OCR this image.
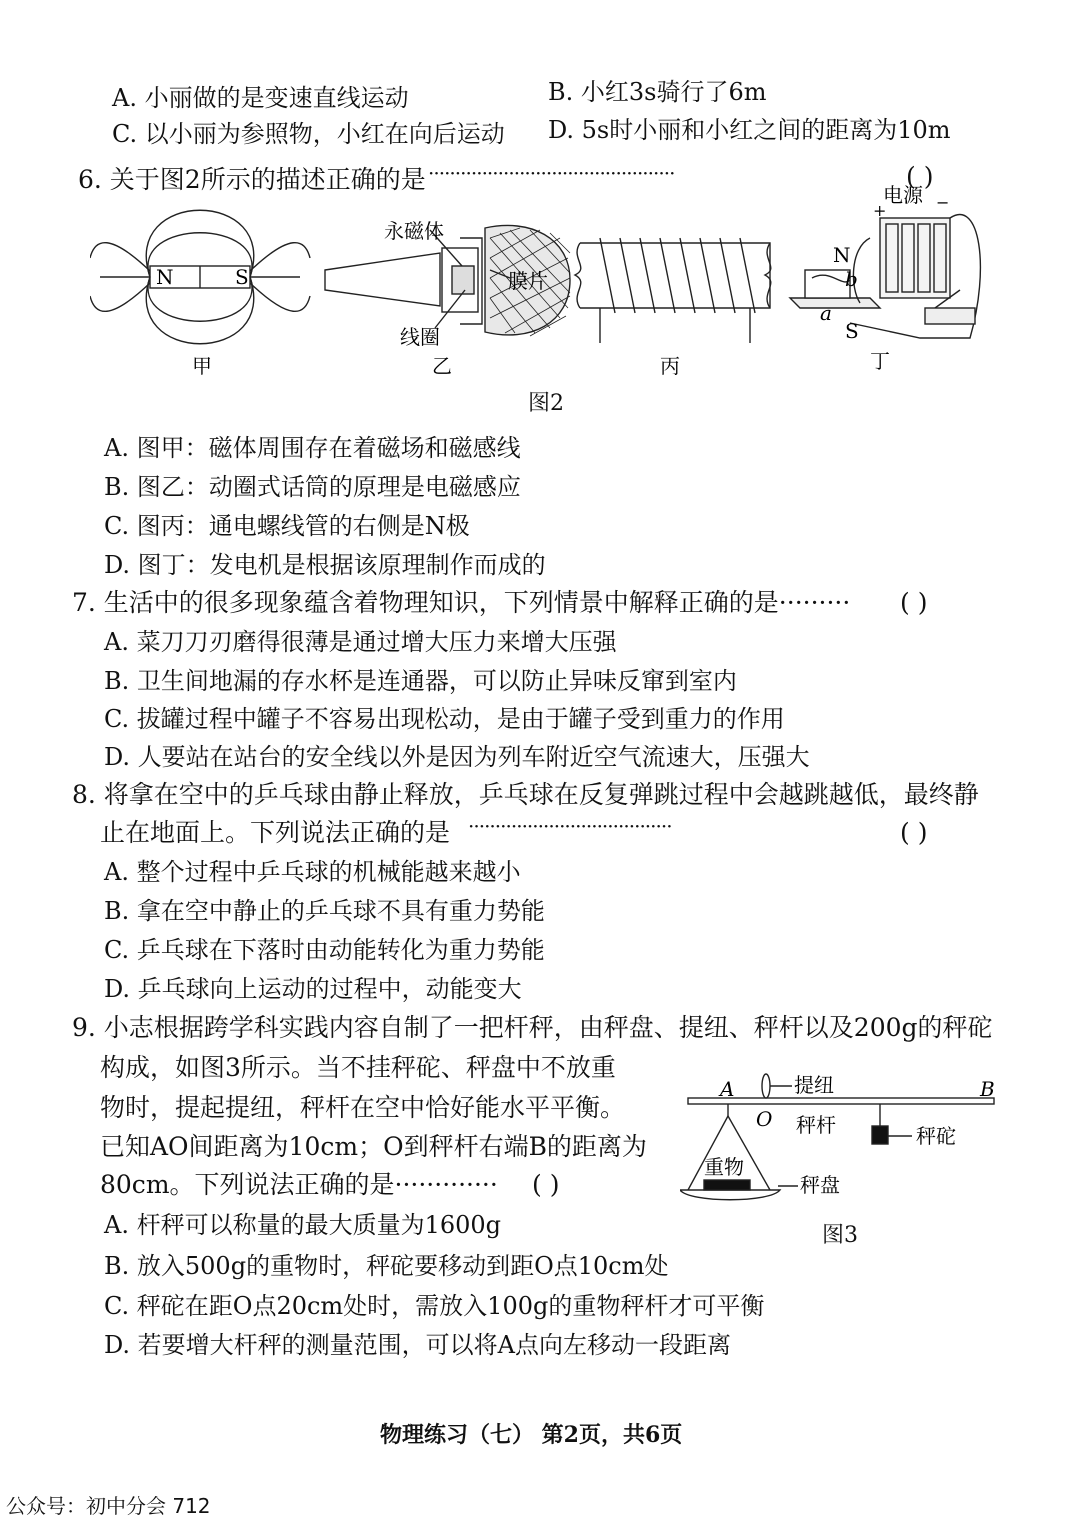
A. 小丽做的是变速直线运动	B. 小红3s骑行了6m
C. 以小丽为参照物，小红在向后运动 D. 5s时小丽和小红之间的距离为10m
6. 关于图2所示的描述正确的是 ··············································	( )
N	S
永磁体
膜片
线圈
电源
+	−
N
S
a
b
甲	乙	丙	丁
图2
A. 图甲：磁体周围存在着磁场和磁感线
B. 图乙：动圈式话筒的原理是电磁感应
C. 图丙：通电螺线管的右侧是N极
D. 图丁：发电机是根据该原理制作而成的
7. 生活中的很多现象蕴含着物理知识，下列情景中解释正确的是········· ( )
A. 菜刀刀刃磨得很薄是通过增大压力来增大压强
B. 卫生间地漏的存水杯是连通器，可以防止异味反窜到室内
C. 拔罐过程中罐子不容易出现松动，是由于罐子受到重力的作用
D. 人要站在站台的安全线以外是因为列车附近空气流速大，压强大
8. 将拿在空中的乒乓球由静止释放，乒乓球在反复弹跳过程中会越跳越低，最终静
止在地面上。下列说法正确的是 ······································	( )
A. 整个过程中乒乓球的机械能越来越小
B. 拿在空中静止的乒乓球不具有重力势能
C. 乒乓球在下落时由动能转化为重力势能
D. 乒乓球向上运动的过程中，动能变大
9. 小志根据跨学科实践内容自制了一把杆秤，由秤盘、提纽、秤杆以及200g的秤砣
构成，如图3所示。当不挂秤砣、秤盘中不放重
物时，提起提纽，秤杆在空中恰好能水平平衡。
已知AO间距离为10cm；O到秤杆右端B的距离为
80cm。下列说法正确的是············· ( )
A	B
O
提纽
秤杆	秤砣
重物
秤盘
图3
A. 杆秤可以称量的最大质量为1600g
B. 放入500g的重物时，秤砣要移动到距O点10cm处
C. 秤砣在距O点20cm处时，需放入100g的重物秤杆才可平衡
D. 若要增大杆秤的测量范围，可以将A点向左移动一段距离
物理练习（七） 第2页，共6页
公众号：初中分会 712
